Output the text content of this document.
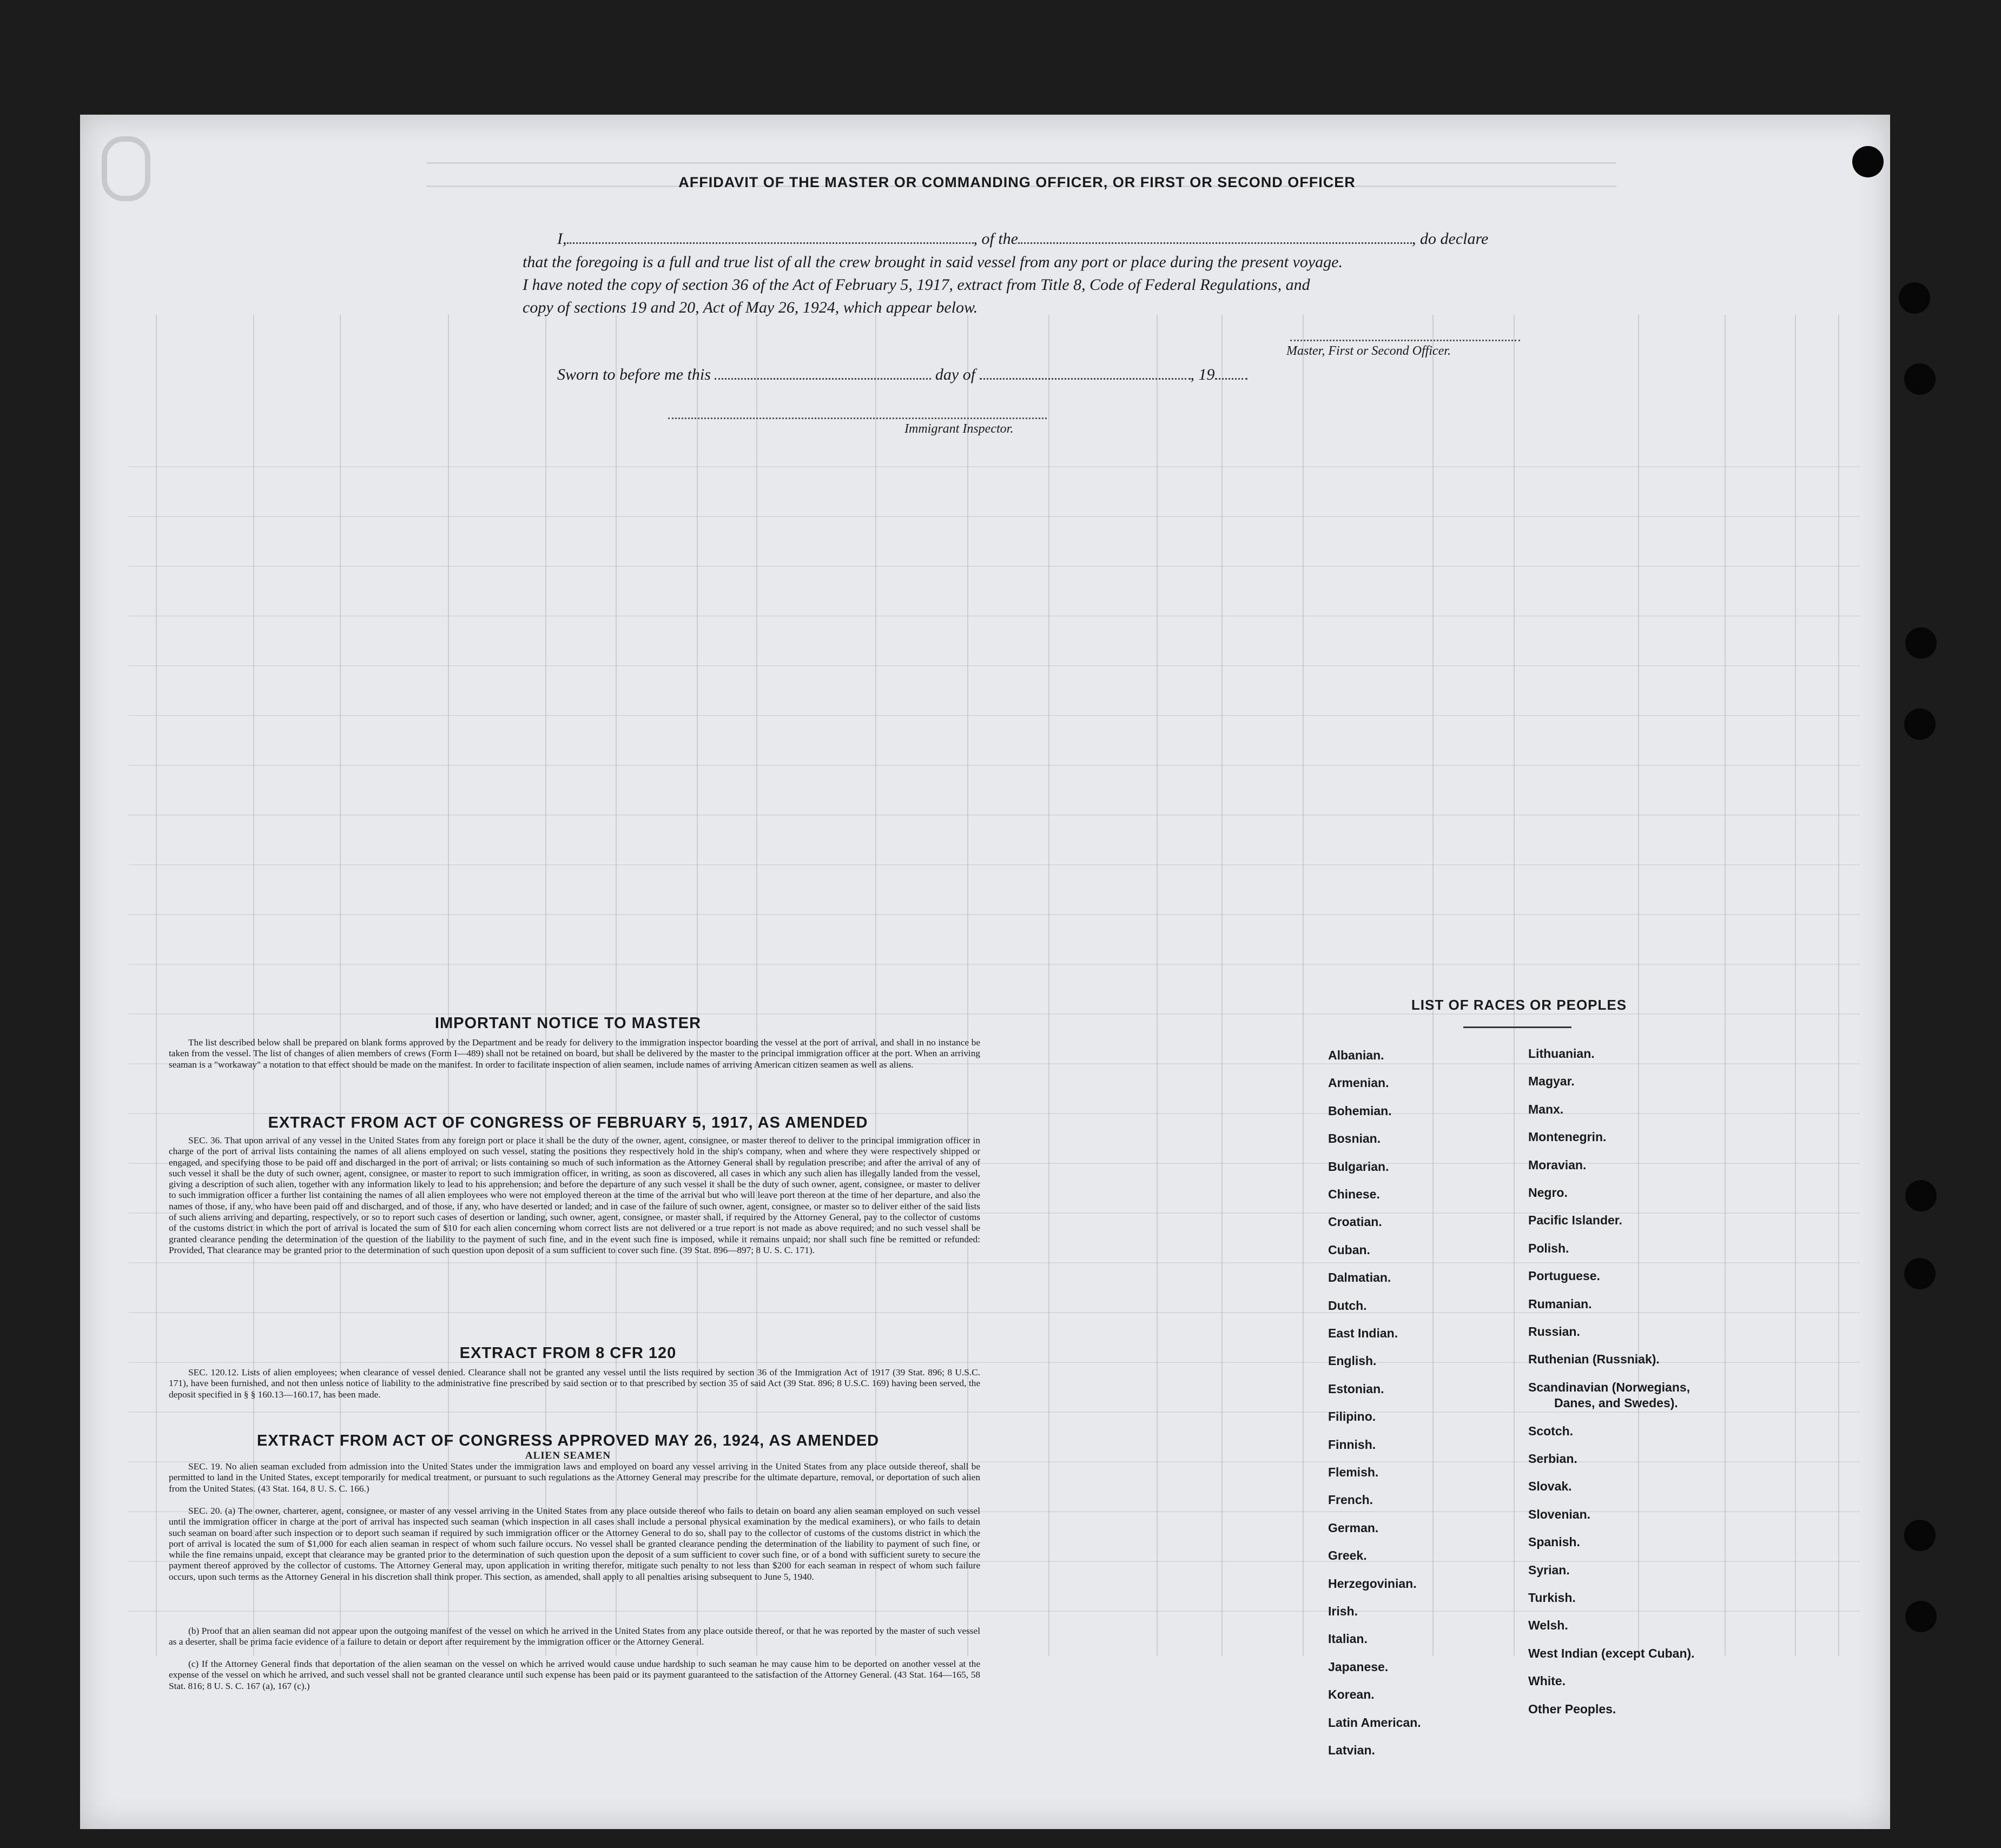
AFFIDAVIT OF THE MASTER OR COMMANDING OFFICER, OR FIRST OR SECOND OFFICER
I,	, of the	, do declare
that the foregoing is a full and true list of all the crew brought in said vessel from any port or place during the present voyage.
I have noted the copy of section 36 of the Act of February 5, 1917, extract from Title 8, Code of Federal Regulations, and
copy of sections 19 and 20, Act of May 26, 1924, which appear below.
Master, First or Second Officer.
Sworn to before me this	day of	, 19
Immigrant Inspector.
IMPORTANT NOTICE TO MASTER

The list described below shall be prepared on blank forms approved by the Department and be ready for delivery to the immigration inspector boarding the vessel at the port of arrival, and shall in no instance be taken from the vessel. The list of changes of alien members of crews (Form I—489) shall not be retained on board, but shall be delivered by the master to the principal immigration officer at the port. When an arriving seaman is a "workaway" a notation to that effect should be made on the manifest. In order to facilitate inspection of alien seamen, include names of arriving American citizen seamen as well as aliens.

EXTRACT FROM ACT OF CONGRESS OF FEBRUARY 5, 1917, AS AMENDED

SEC. 36. That upon arrival of any vessel in the United States from any foreign port or place it shall be the duty of the owner, agent, consignee, or master thereof to deliver to the principal immigration officer in charge of the port of arrival lists containing the names of all aliens employed on such vessel, stating the positions they respectively hold in the ship's company, when and where they were respectively shipped or engaged, and specifying those to be paid off and discharged in the port of arrival; or lists containing so much of such information as the Attorney General shall by regulation prescribe; and after the arrival of any of such vessel it shall be the duty of such owner, agent, consignee, or master to report to such immigration officer, in writing, as soon as discovered, all cases in which any such alien has illegally landed from the vessel, giving a description of such alien, together with any information likely to lead to his apprehension; and before the departure of any such vessel it shall be the duty of such owner, agent, consignee, or master to deliver to such immigration officer a further list containing the names of all alien employees who were not employed thereon at the time of the arrival but who will leave port thereon at the time of her departure, and also the names of those, if any, who have been paid off and discharged, and of those, if any, who have deserted or landed; and in case of the failure of such owner, agent, consignee, or master so to deliver either of the said lists of such aliens arriving and departing, respectively, or so to report such cases of desertion or landing, such owner, agent, consignee, or master shall, if required by the Attorney General, pay to the collector of customs of the customs district in which the port of arrival is located the sum of $10 for each alien concerning whom correct lists are not delivered or a true report is not made as above required; and no such vessel shall be granted clearance pending the determination of the question of the liability to the payment of such fine, and in the event such fine is imposed, while it remains unpaid; nor shall such fine be remitted or refunded: Provided, That clearance may be granted prior to the determination of such question upon deposit of a sum sufficient to cover such fine. (39 Stat. 896—897; 8 U. S. C. 171).

EXTRACT FROM 8 CFR 120

SEC. 120.12. Lists of alien employees; when clearance of vessel denied. Clearance shall not be granted any vessel until the lists required by section 36 of the Immigration Act of 1917 (39 Stat. 896; 8 U.S.C. 171), have been furnished, and not then unless notice of liability to the administrative fine prescribed by said section or to that prescribed by section 35 of said Act (39 Stat. 896; 8 U.S.C. 169) having been served, the deposit specified in § § 160.13—160.17, has been made.

EXTRACT FROM ACT OF CONGRESS APPROVED MAY 26, 1924, AS AMENDED
ALIEN SEAMEN

SEC. 19. No alien seaman excluded from admission into the United States under the immigration laws and employed on board any vessel arriving in the United States from any place outside thereof, shall be permitted to land in the United States, except temporarily for medical treatment, or pursuant to such regulations as the Attorney General may prescribe for the ultimate departure, removal, or deportation of such alien from the United States. (43 Stat. 164, 8 U. S. C. 166.)

SEC. 20. (a) The owner, charterer, agent, consignee, or master of any vessel arriving in the United States from any place outside thereof who fails to detain on board any alien seaman employed on such vessel until the immigration officer in charge at the port of arrival has inspected such seaman (which inspection in all cases shall include a personal physical examination by the medical examiners), or who fails to detain such seaman on board after such inspection or to deport such seaman if required by such immigration officer or the Attorney General to do so, shall pay to the collector of customs of the customs district in which the port of arrival is located the sum of $1,000 for each alien seaman in respect of whom such failure occurs. No vessel shall be granted clearance pending the determination of the liability to payment of such fine, or while the fine remains unpaid, except that clearance may be granted prior to the determination of such question upon the deposit of a sum sufficient to cover such fine, or of a bond with sufficient surety to secure the payment thereof approved by the collector of customs. The Attorney General may, upon application in writing therefor, mitigate such penalty to not less than $200 for each seaman in respect of whom such failure occurs, upon such terms as the Attorney General in his discretion shall think proper. This section, as amended, shall apply to all penalties arising subsequent to June 5, 1940.

(b) Proof that an alien seaman did not appear upon the outgoing manifest of the vessel on which he arrived in the United States from any place outside thereof, or that he was reported by the master of such vessel as a deserter, shall be prima facie evidence of a failure to detain or deport after requirement by the immigration officer or the Attorney General.

(c) If the Attorney General finds that deportation of the alien seaman on the vessel on which he arrived would cause undue hardship to such seaman he may cause him to be deported on another vessel at the expense of the vessel on which he arrived, and such vessel shall not be granted clearance until such expense has been paid or its payment guaranteed to the satisfaction of the Attorney General. (43 Stat. 164—165, 58 Stat. 816; 8 U. S. C. 167 (a), 167 (c).)

LIST OF RACES OR PEOPLES
Albanian.
Armenian.
Bohemian.
Bosnian.
Bulgarian.
Chinese.
Croatian.
Cuban.
Dalmatian.
Dutch.
East Indian.
English.
Estonian.
Filipino.
Finnish.
Flemish.
French.
German.
Greek.
Herzegovinian.
Irish.
Italian.
Japanese.
Korean.
Latin American.
Latvian.
Lithuanian.
Magyar.
Manx.
Montenegrin.
Moravian.
Negro.
Pacific Islander.
Polish.
Portuguese.
Rumanian.
Russian.
Ruthenian (Russniak).
Scandinavian (Norwegians,
Danes, and Swedes).
Scotch.
Serbian.
Slovak.
Slovenian.
Spanish.
Syrian.
Turkish.
Welsh.
West Indian (except Cuban).
White.
Other Peoples.
